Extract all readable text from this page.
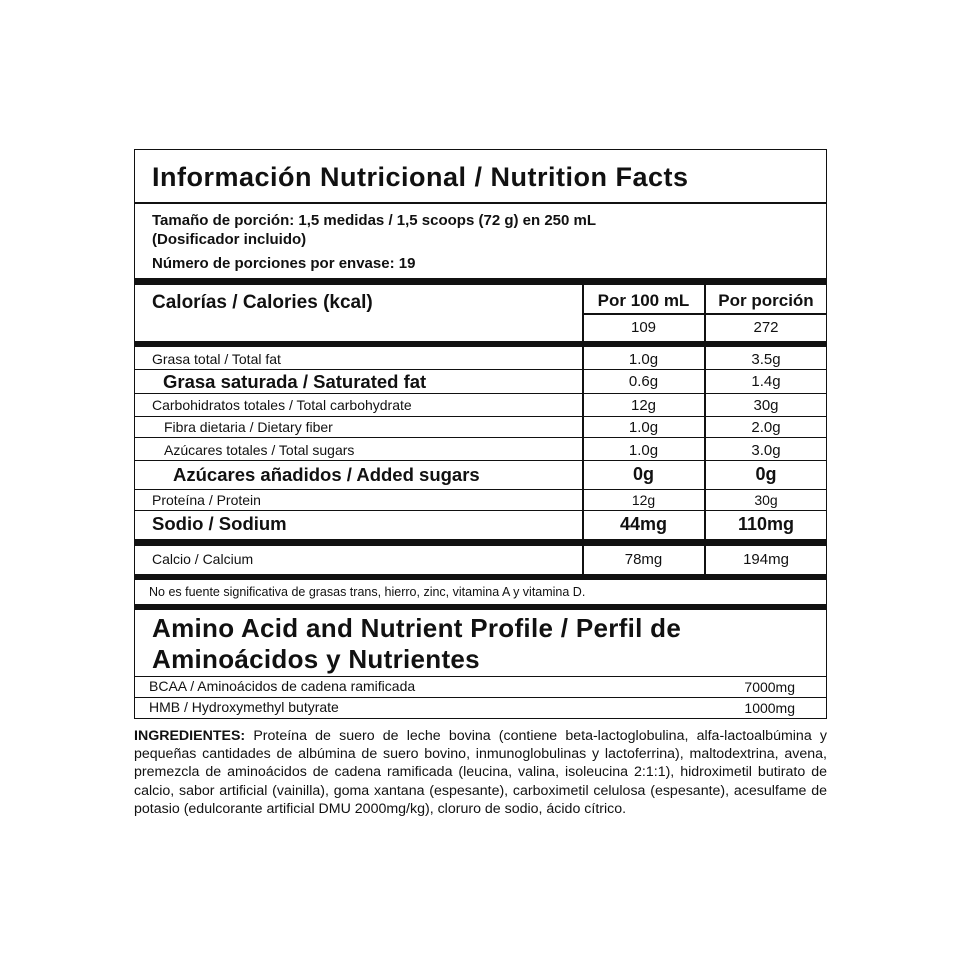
Información Nutricional / Nutrition Facts
Tamaño de porción: 1,5 medidas / 1,5 scoops (72 g) en 250 mL
(Dosificador incluido)
Número de porciones por envase: 19
Calorías / Calories (kcal)	Por 100 mL	Por porción
109	272
Grasa total / Total fat	1.0g	3.5g
Grasa saturada / Saturated fat	0.6g	1.4g
Carbohidratos totales / Total carbohydrate	12g	30g
Fibra dietaria / Dietary fiber	1.0g	2.0g
Azúcares totales / Total sugars	1.0g	3.0g
Azúcares añadidos / Added sugars	0g	0g
Proteína / Protein	12g	30g
Sodio / Sodium	44mg	110mg
Calcio / Calcium	78mg	194mg
No es fuente significativa de grasas trans, hierro, zinc, vitamina A y vitamina D.
Amino Acid and Nutrient Profile / Perfil de Aminoácidos y Nutrientes
BCAA / Aminoácidos de cadena ramificada	7000mg
HMB / Hydroxymethyl butyrate	1000mg
INGREDIENTES: Proteína de suero de leche bovina (contiene beta-lactoglobulina, alfa-lactoalbúmina y pequeñas cantidades de albúmina de suero bovino, inmunoglobulinas y lactoferrina), maltodextrina, avena, premezcla de aminoácidos de cadena ramificada (leucina, valina, isoleucina 2:1:1), hidroximetil butirato de calcio, sabor artificial (vainilla), goma xantana (espesante), carboximetil celulosa (espesante), acesulfame de potasio (edulcorante artificial DMU 2000mg/kg), cloruro de sodio, ácido cítrico.
